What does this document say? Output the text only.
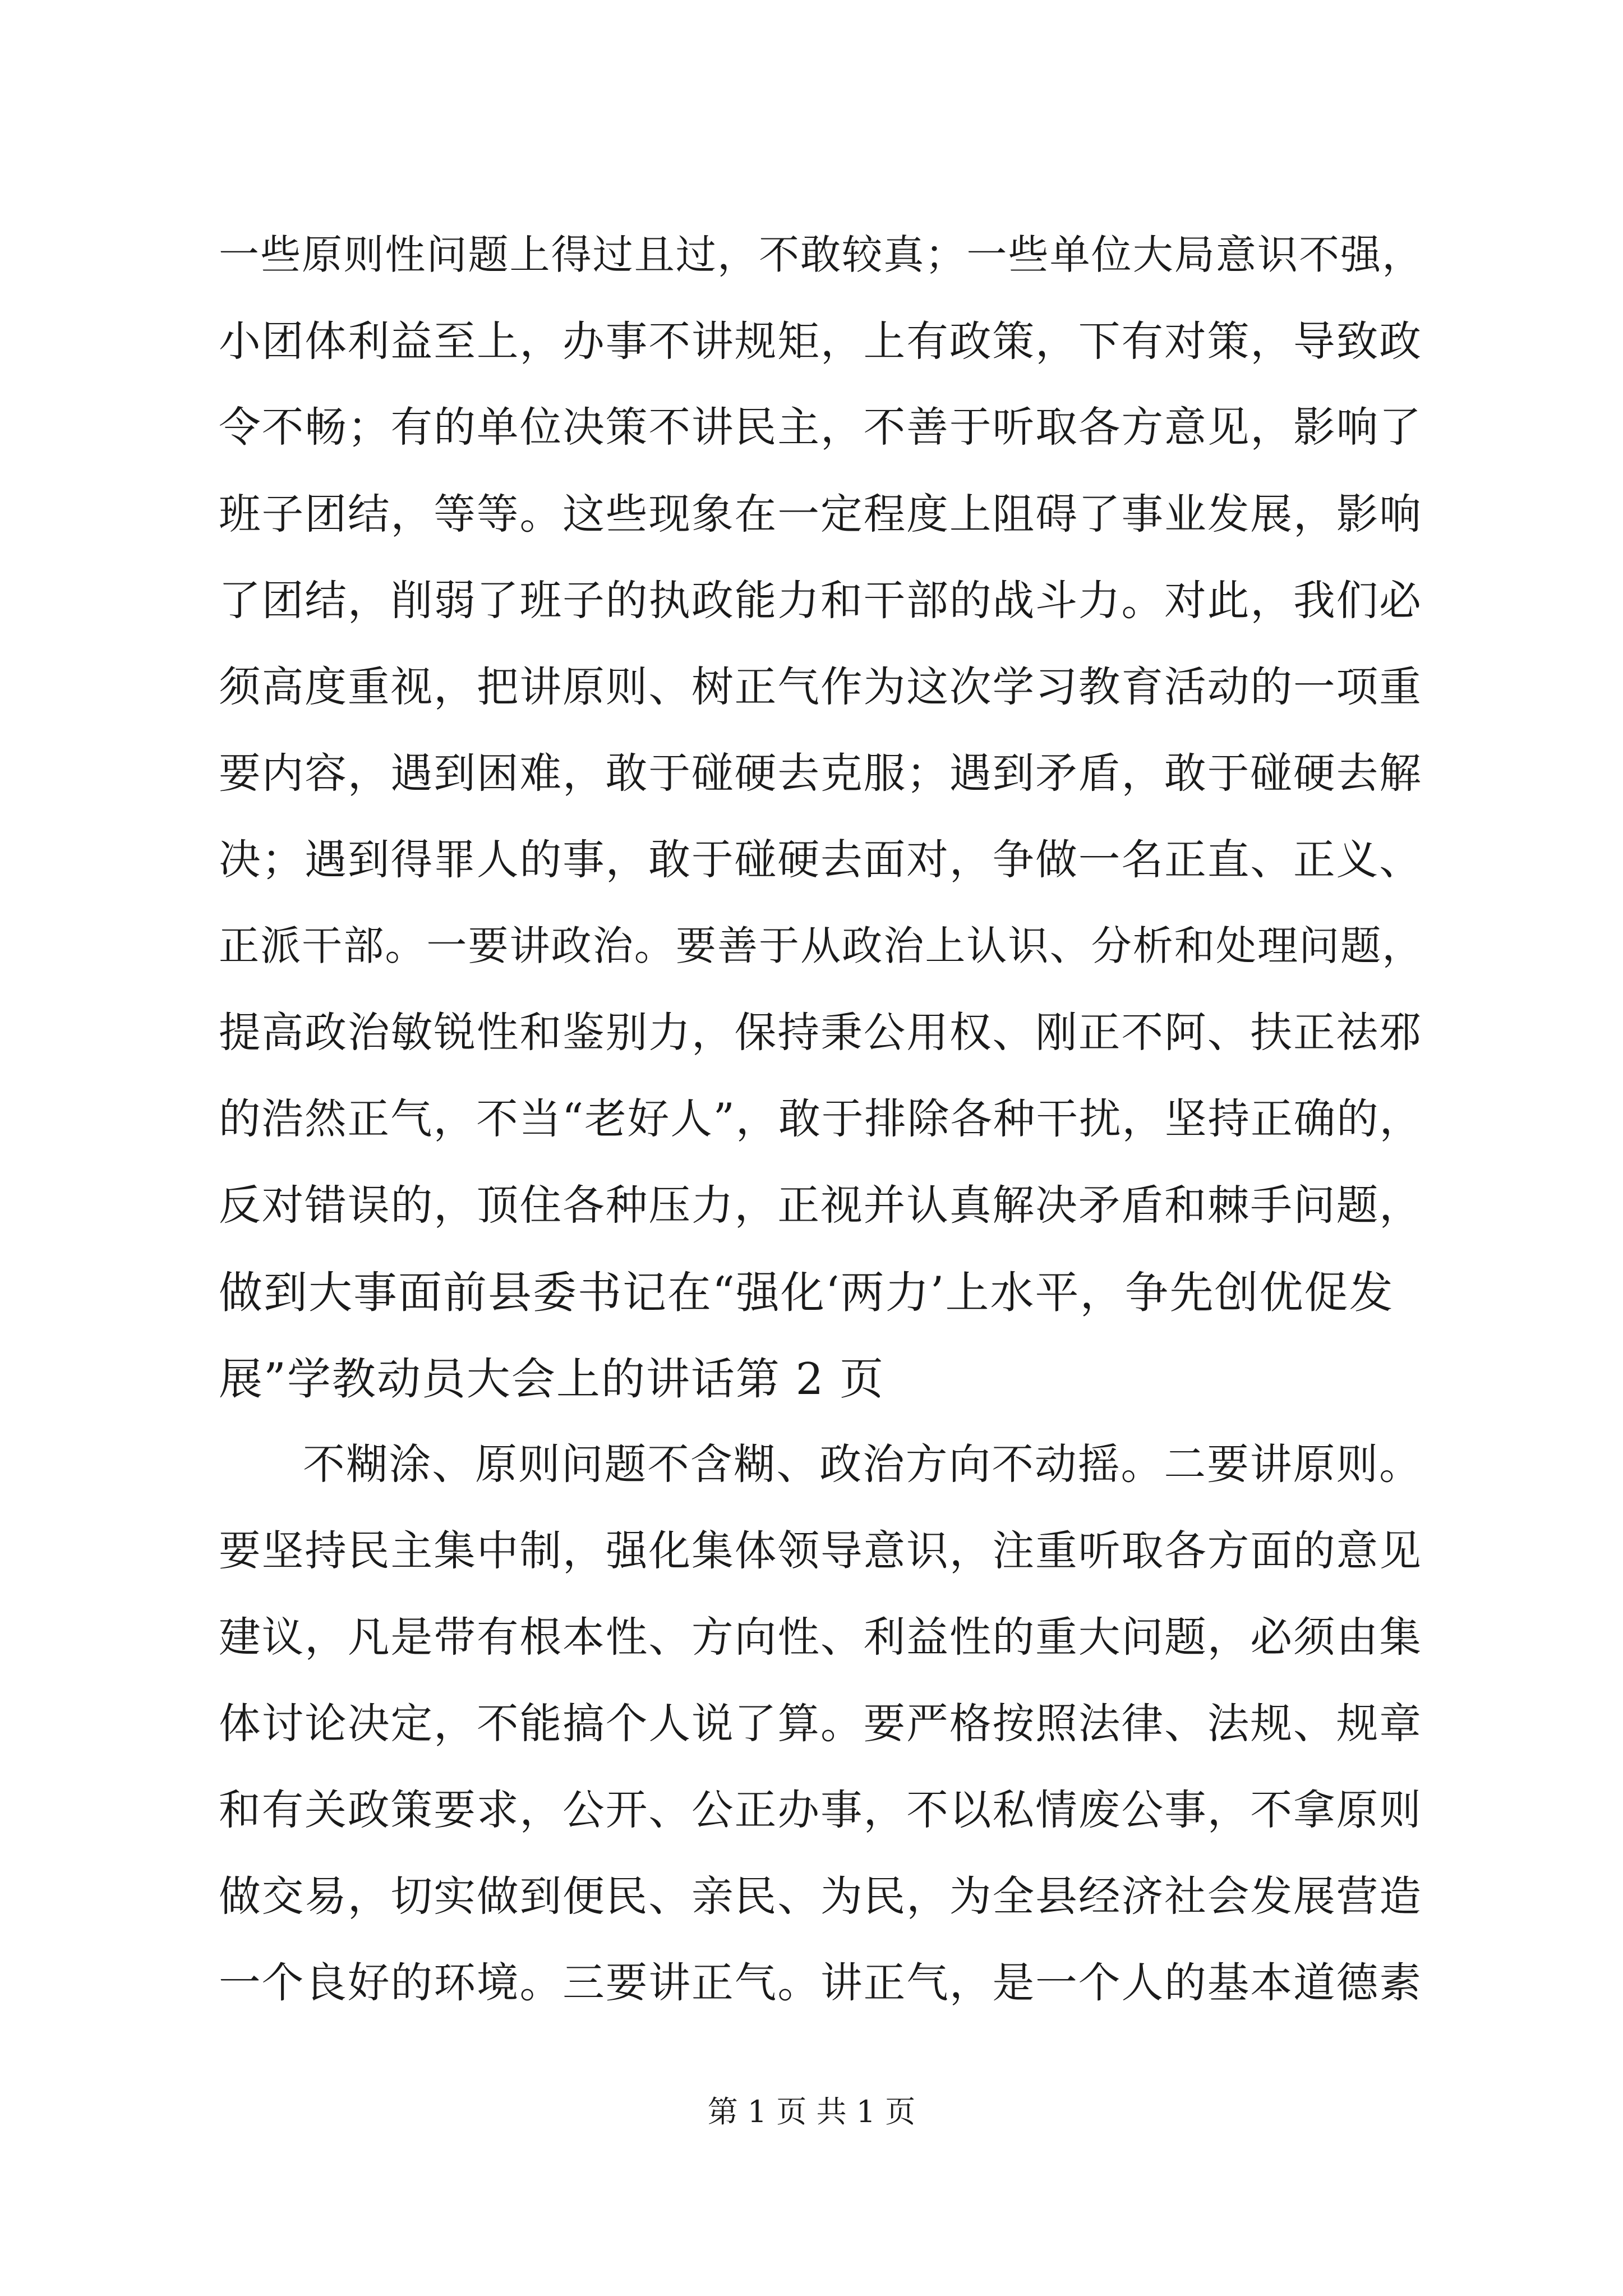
一些原则性问题上得过且过，不敢较真；一些单位大局意识不强，
小团体利益至上，办事不讲规矩，上有政策，下有对策，导致政
令不畅；有的单位决策不讲民主，不善于听取各方意见，影响了
班子团结，等等。这些现象在一定程度上阻碍了事业发展，影响
了团结，削弱了班子的执政能力和干部的战斗力。对此，我们必
须高度重视，把讲原则、树正气作为这次学习教育活动的一项重
要内容，遇到困难，敢于碰硬去克服；遇到矛盾，敢于碰硬去解
决；遇到得罪人的事，敢于碰硬去面对，争做一名正直、正义、
正派干部。一要讲政治。要善于从政治上认识、分析和处理问题，
提高政治敏锐性和鉴别力，保持秉公用权、刚正不阿、扶正祛邪
的浩然正气，不当“老好人”，敢于排除各种干扰，坚持正确的，
反对错误的，顶住各种压力，正视并认真解决矛盾和棘手问题，
做到大事面前县委书记在“强化‘两力’上水平，争先创优促发
展”学教动员大会上的讲话第 2 页
不糊涂、原则问题不含糊、政治方向不动摇。二要讲原则。
要坚持民主集中制，强化集体领导意识，注重听取各方面的意见
建议，凡是带有根本性、方向性、利益性的重大问题，必须由集
体讨论决定，不能搞个人说了算。要严格按照法律、法规、规章
和有关政策要求，公开、公正办事，不以私情废公事，不拿原则
做交易，切实做到便民、亲民、为民，为全县经济社会发展营造
一个良好的环境。三要讲正气。讲正气，是一个人的基本道德素
第 1 页 共 1 页
